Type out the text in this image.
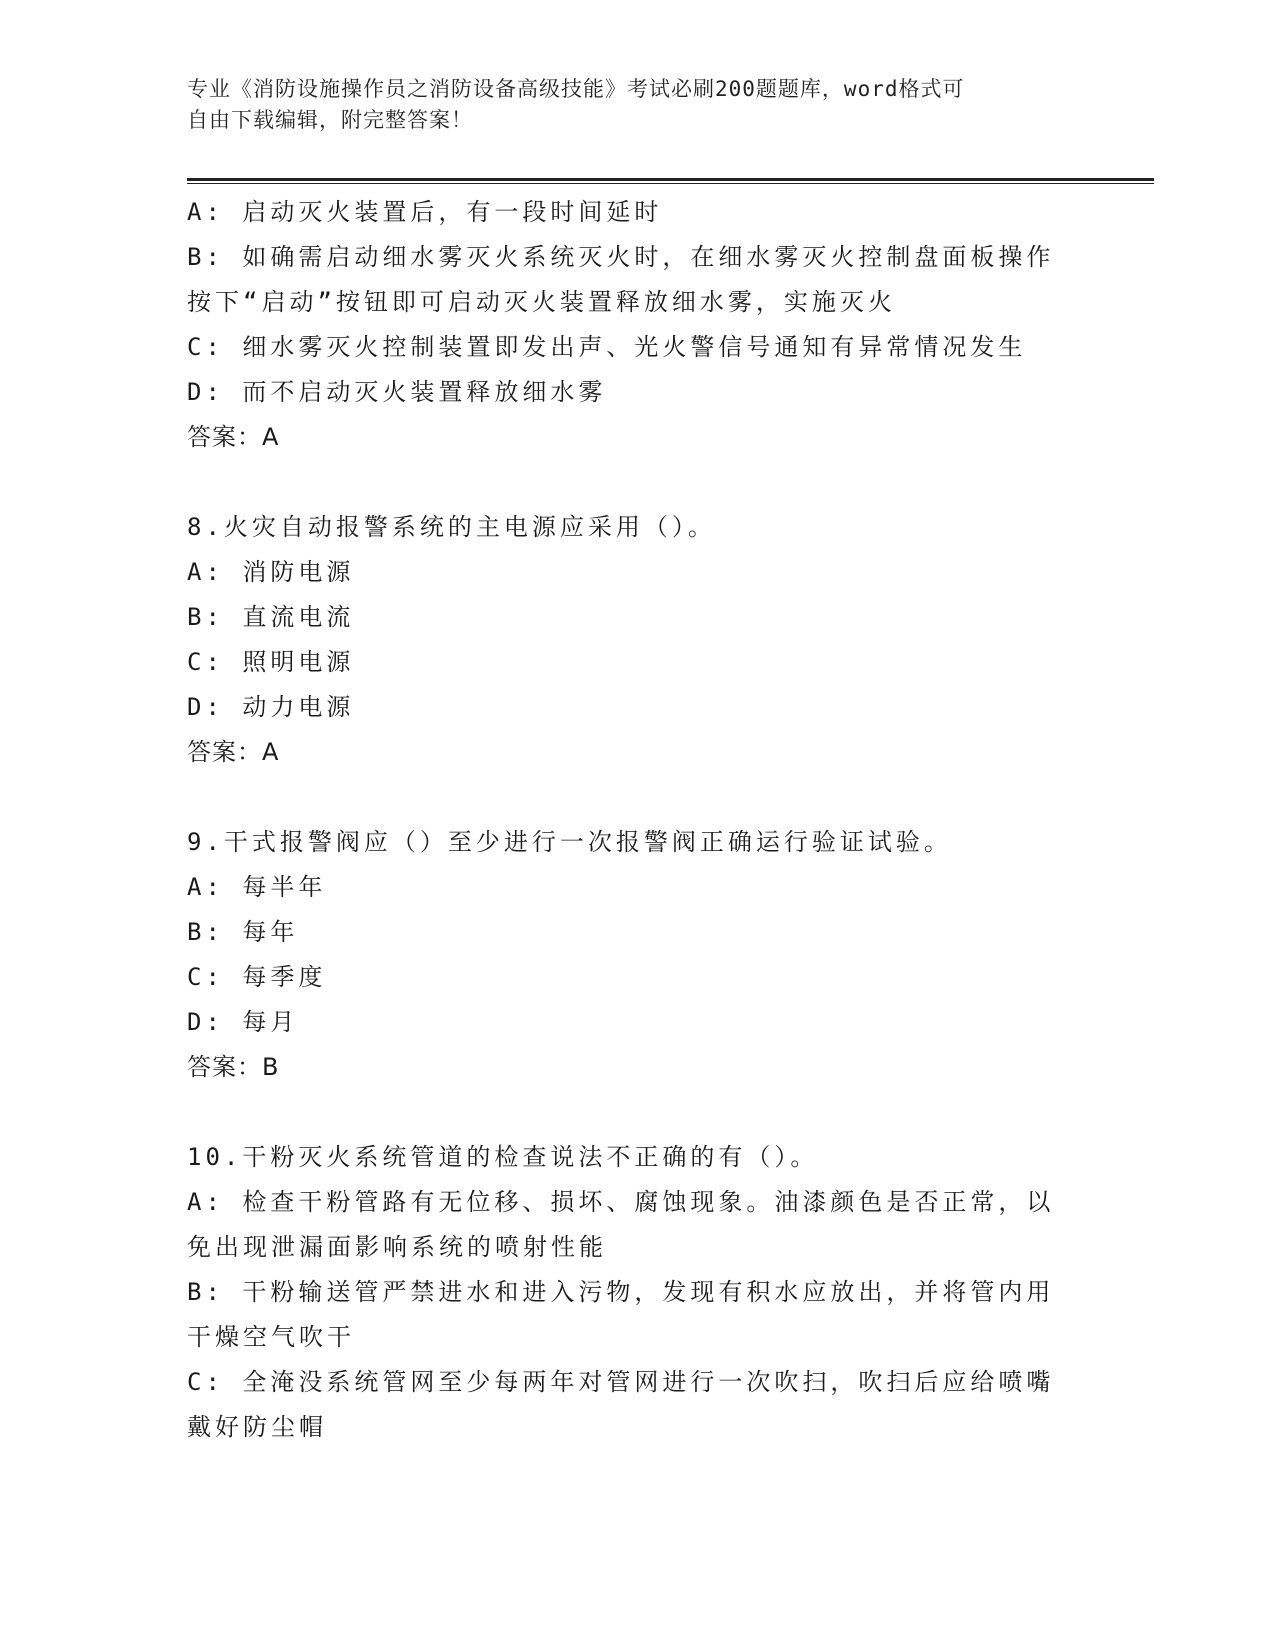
专业《消防设施操作员之消防设备高级技能》考试必刷200题题库，word格式可
自由下载编辑，附完整答案！

A: 启动灭火装置后，有一段时间延时

B: 如确需启动细水雾灭火系统灭火时，在细水雾灭火控制盘面板操作

按下“启动”按钮即可启动灭火装置释放细水雾，实施灭火

C: 细水雾灭火控制装置即发出声、光火警信号通知有异常情况发生

D: 而不启动灭火装置释放细水雾

答案：A

8.火灾自动报警系统的主电源应采用（）。

A: 消防电源

B: 直流电流

C: 照明电源

D: 动力电源

答案：A

9.干式报警阀应（）至少进行一次报警阀正确运行验证试验。

A: 每半年

B: 每年

C: 每季度

D: 每月

答案：B

10.干粉灭火系统管道的检查说法不正确的有（）。

A: 检查干粉管路有无位移、损坏、腐蚀现象。油漆颜色是否正常，以

免出现泄漏面影响系统的喷射性能

B: 干粉输送管严禁进水和进入污物，发现有积水应放出，并将管内用

干燥空气吹干

C: 全淹没系统管网至少每两年对管网进行一次吹扫，吹扫后应给喷嘴

戴好防尘帽
